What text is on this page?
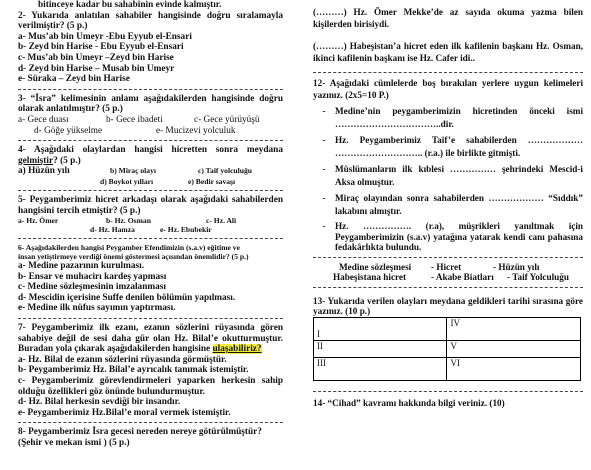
bitinceye kadar bu sahabinin evinde kalmıştır.
2- Yukarıda anlatılan sahabiler hangisinde doğru sıralamayla verilmiştir? (5 p.)
a- Mus’ab bin Umeyr -Ebu Eyyub el-Ensari
b- Zeyd bin Harise - Ebu Eyyub el-Ensari
c- Mus’ab bin Umeyr –Zeyd bin Harise
d- Zeyd bin Harise – Musab bin Umeyr
e- Süraka – Zeyd bin Harise
3- “İsra” kelimesinin anlamı aşağıdakilerden hangisinde doğru olarak anlatılmıştır? (5 p.)
a- Gece duası	b- Gece ibadeti	c- Gece yürüyüşü
d- Göğe yükselme	e- Mucizevi yolculuk
4- Aşağıdaki olaylardan hangisi hicretten sonra meydana gelmiştir? (5 p.)
a) Hüzün yılı	b) Miraç olayı	c) Taif yolculuğu
d) Boykot yılları	e) Bedir savaşı
5- Peygamberimiz hicret arkadaşı olarak aşağıdaki sahabilerden hangisini tercih etmiştir? (5 p.)
a- Hz. Ömer	b- Hz. Osman	c- Hz. Ali
d- Hz. Hamza	e- Hz. Ebubekir
6- Aşağıdakilerden hangisi Peygamber Efendimizin (s.a.v) eğitime ve
insan yetiştirmeye verdiği önemi göstermesi açısından önemlidir? (5 p.)
a- Medine pazarının kurulması.
b- Ensar ve muhacirı kardeş yapması
c- Medine sözleşmesinin imzalanması
d- Mescidin içerisine Suffe denilen bölümün yapılması.
e- Medine ilk nüfus sayımın yaptırması.
7- Peygamberimiz ilk ezanı, ezanın sözlerini rüyasında gören sahabiye değil de sesi daha gür olan Hz. Bilal’e okutturmuştur. Buradan yola çıkarak aşağıdakilerden hangisine ulaşabiliriz?
a- Hz. Bilal de ezanın sözlerini rüyasında görmüştür.
b- Peygamberimiz Hz. Bilal’e ayrıcalık tanımak istemiştir.
c- Peygamberimiz görevlendirmeleri yaparken herkesin sahip olduğu özellikleri göz önünde bulundurmuştur.
d- Hz. Bilal herkesin sevdiği bir insandır.
e- Peygamberimiz Hz.Bilal’e moral vermek istemiştir.
8- Peygamberimiz İsra gecesi nereden nereye götürülmüştür? (Şehir ve mekan ismi ) (5 p.)
(………) Hz. Ömer Mekke’de az sayıda okuma yazma bilen kişilerden birisiydi.
(………) Habeşistan’a hicret eden ilk kafilenin başkanı Hz. Osman, ikinci kafilenin başkanı ise Hz. Cafer idi..
12- Aşağıdaki cümlelerde boş bırakılan yerlere uygun kelimeleri yazınız. (2x5=10 P.)
-	Medine’nin peygamberimizin hicretinden önceki ismi ……………………………..dir.
-	Hz. Peygamberimiz Taif’e sahabilerden ……………… ……………………….. (r.a.) ile birlikte gitmişti.
-	Müslümanların ilk kıblesi …………… şehrindeki Mescid-i Aksa olmuştur.
-	Miraç olayından sonra sahabilerden ……………… “Sıddık” lakabını almıştır.
-	Hz. ……………. (r.a), müşrikleri yanıltmak için Peygamberimizin (s.a.v) yatağına yatarak kendi canı pahasına fedakârlıkta bulundu.
Medine sözleşmesi	- Hicret	- Hüzün yılı
Habeşistana hicret	- Akabe Biatları	- Taif Yolculuğu
13- Yukarıda verilen olayları meydana geldikleri tarihi sırasına göre yazınız. (10 p.)
I	IV
II	V
III	VI
14- “Cihad” kavramı hakkında bilgi veriniz. (10)
